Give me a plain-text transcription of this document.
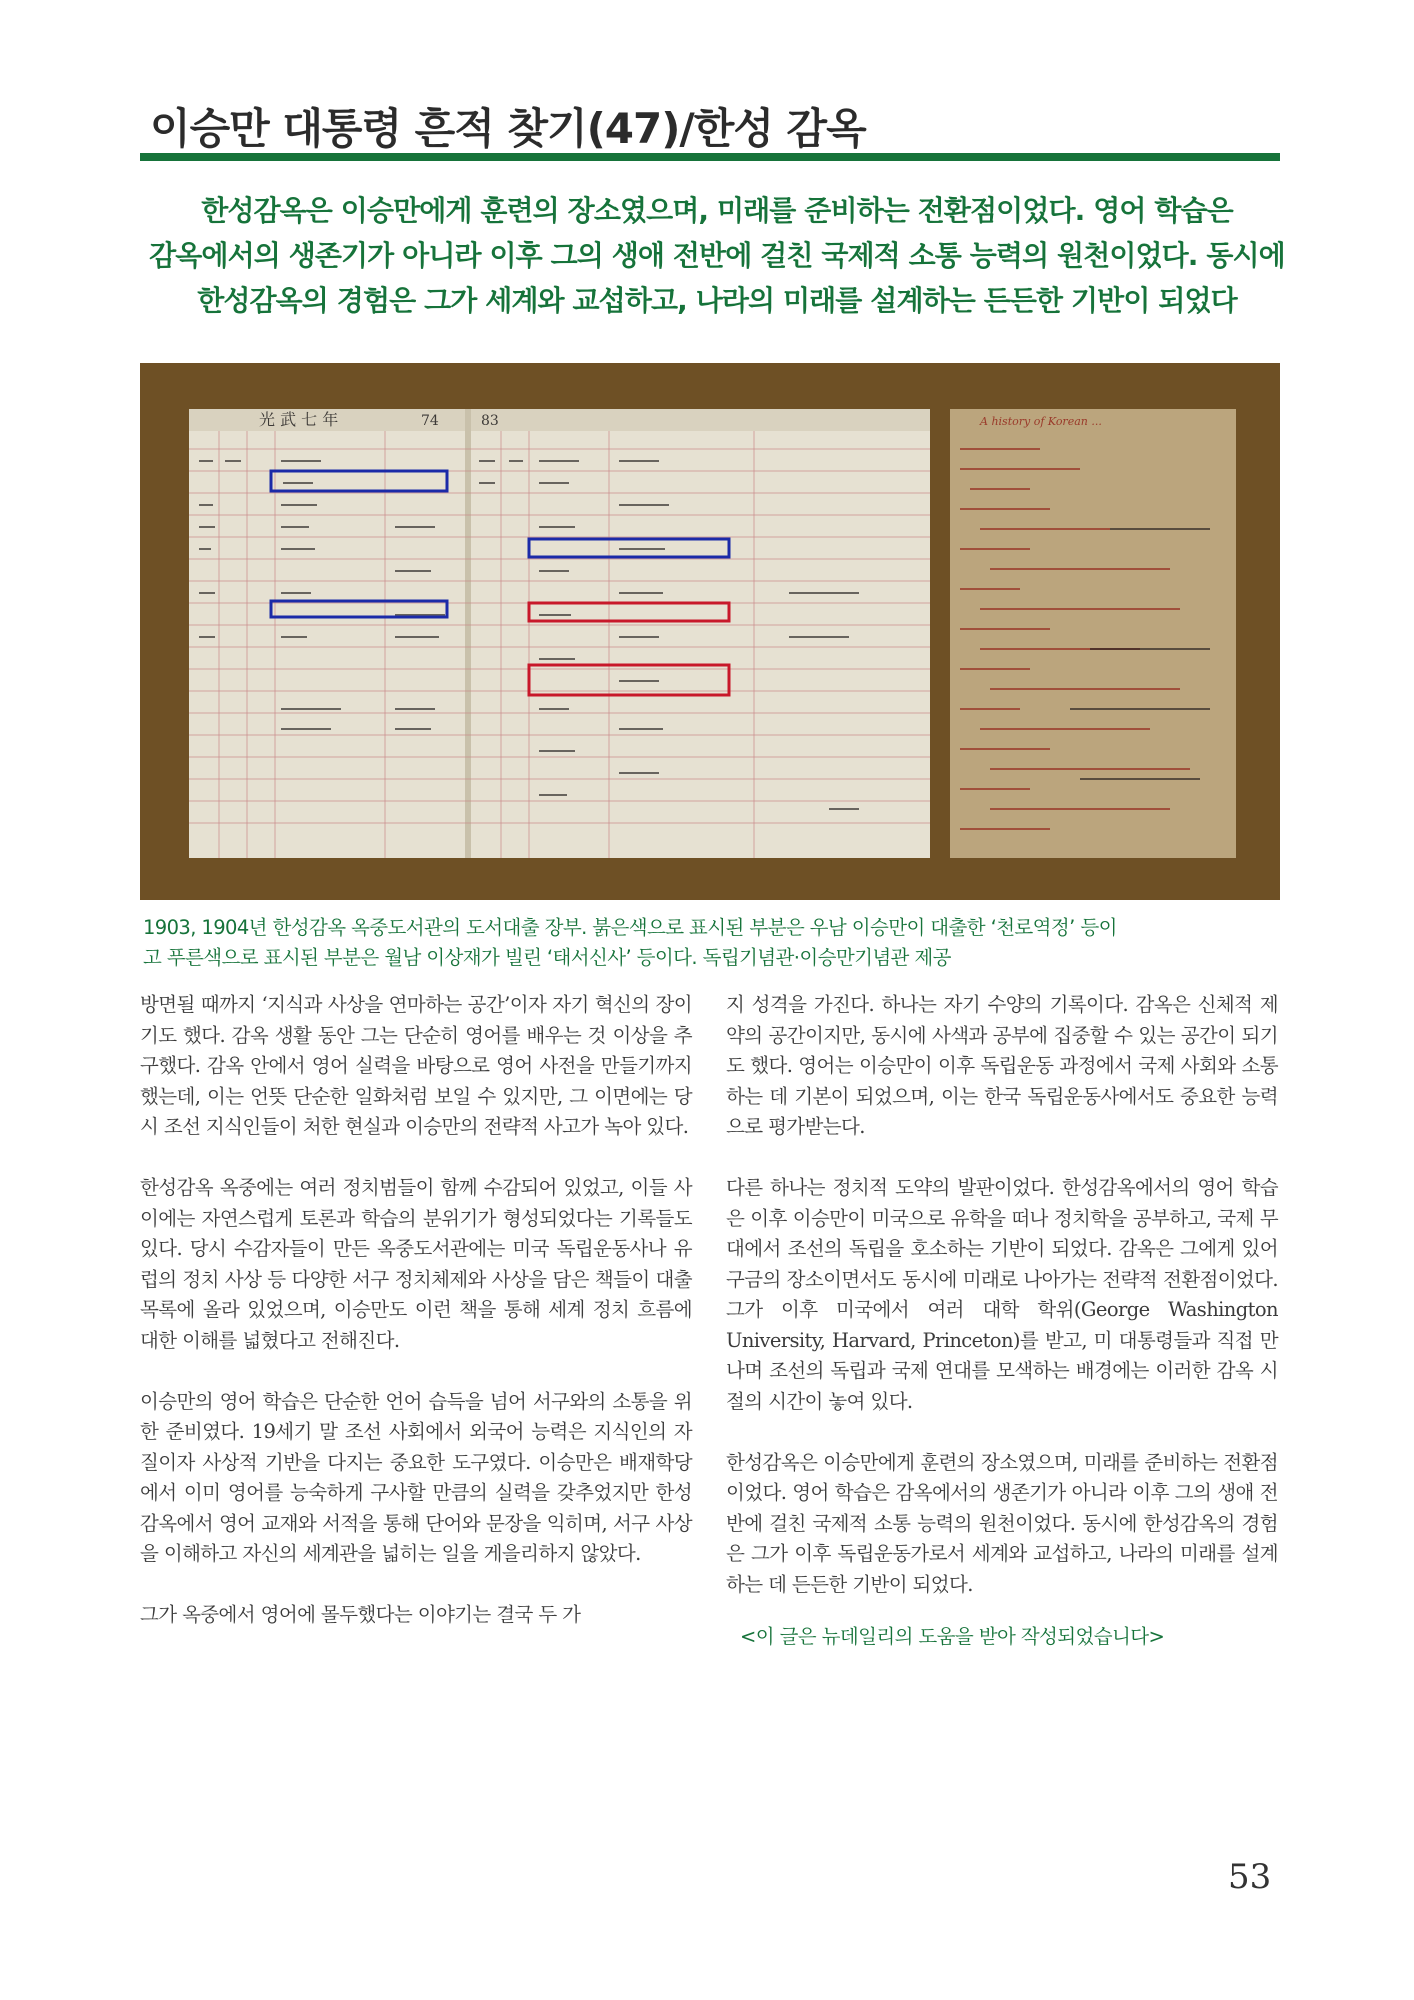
이승만 대통령 흔적 찾기(47)/한성 감옥
한성감옥은 이승만에게 훈련의 장소였으며, 미래를 준비하는 전환점이었다. 영어 학습은
감옥에서의 생존기가 아니라 이후 그의 생애 전반에 걸친 국제적 소통 능력의 원천이었다. 동시에
한성감옥의 경험은 그가 세계와 교섭하고, 나라의 미래를 설계하는 든든한 기반이 되었다
光 武 七 年	74	83	A history of Korean ...
1903, 1904년 한성감옥 옥중도서관의 도서대출 장부. 붉은색으로 표시된 부분은 우남 이승만이 대출한 ‘천로역정’ 등이
고 푸른색으로 표시된 부분은 월남 이상재가 빌린 ‘태서신사’ 등이다. 독립기념관·이승만기념관 제공

방면될 때까지 ‘지식과 사상을 연마하는 공간’이자 자기 혁신의 장이기도 했다. 감옥 생활 동안 그는 단순히 영어를 배우는 것 이상을 추구했다. 감옥 안에서 영어 실력을 바탕으로 영어 사전을 만들기까지 했는데, 이는 언뜻 단순한 일화처럼 보일 수 있지만, 그 이면에는 당시 조선 지식인들이 처한 현실과 이승만의 전략적 사고가 녹아 있다.

한성감옥 옥중에는 여러 정치범들이 함께 수감되어 있었고, 이들 사이에는 자연스럽게 토론과 학습의 분위기가 형성되었다는 기록들도 있다. 당시 수감자들이 만든 옥중도서관에는 미국 독립운동사나 유럽의 정치 사상 등 다양한 서구 정치체제와 사상을 담은 책들이 대출 목록에 올라 있었으며, 이승만도 이런 책을 통해 세계 정치 흐름에 대한 이해를 넓혔다고 전해진다.

이승만의 영어 학습은 단순한 언어 습득을 넘어 서구와의 소통을 위한 준비였다. 19세기 말 조선 사회에서 외국어 능력은 지식인의 자질이자 사상적 기반을 다지는 중요한 도구였다. 이승만은 배재학당에서 이미 영어를 능숙하게 구사할 만큼의 실력을 갖추었지만 한성감옥에서 영어 교재와 서적을 통해 단어와 문장을 익히며, 서구 사상을 이해하고 자신의 세계관을 넓히는 일을 게을리하지 않았다.

그가 옥중에서 영어에 몰두했다는 이야기는 결국 두 가

지 성격을 가진다. 하나는 자기 수양의 기록이다. 감옥은 신체적 제약의 공간이지만, 동시에 사색과 공부에 집중할 수 있는 공간이 되기도 했다. 영어는 이승만이 이후 독립운동 과정에서 국제 사회와 소통하는 데 기본이 되었으며, 이는 한국 독립운동사에서도 중요한 능력으로 평가받는다.

다른 하나는 정치적 도약의 발판이었다. 한성감옥에서의 영어 학습은 이후 이승만이 미국으로 유학을 떠나 정치학을 공부하고, 국제 무대에서 조선의 독립을 호소하는 기반이 되었다. 감옥은 그에게 있어 구금의 장소이면서도 동시에 미래로 나아가는 전략적 전환점이었다. 그가 이후 미국에서 여러 대학 학위(George Washington University, Harvard, Princeton)를 받고, 미 대통령들과 직접 만나며 조선의 독립과 국제 연대를 모색하는 배경에는 이러한 감옥 시절의 시간이 놓여 있다.

한성감옥은 이승만에게 훈련의 장소였으며, 미래를 준비하는 전환점이었다. 영어 학습은 감옥에서의 생존기가 아니라 이후 그의 생애 전반에 걸친 국제적 소통 능력의 원천이었다. 동시에 한성감옥의 경험은 그가 이후 독립운동가로서 세계와 교섭하고, 나라의 미래를 설계하는 데 든든한 기반이 되었다.

<이 글은 뉴데일리의 도움을 받아 작성되었습니다>
53
